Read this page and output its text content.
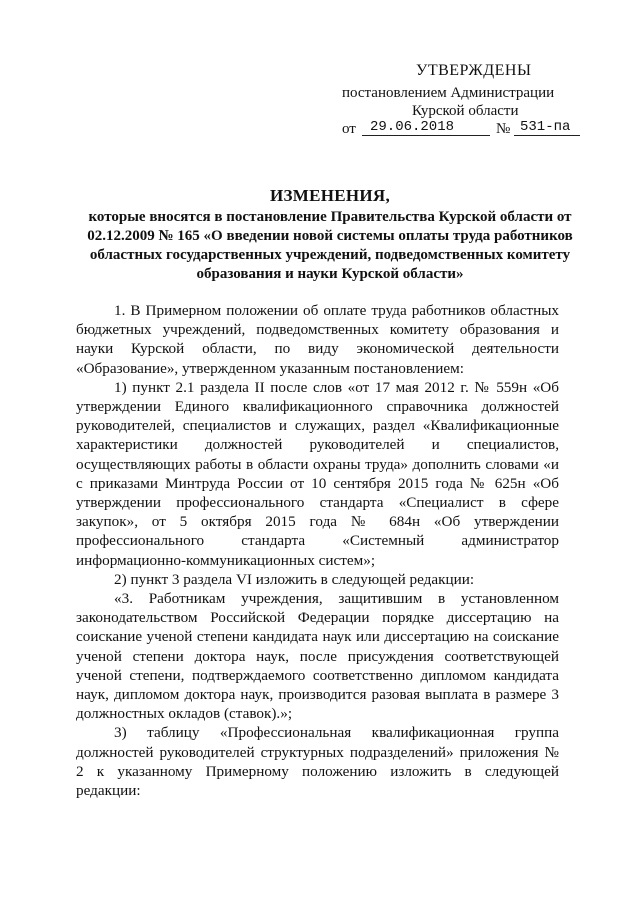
УТВЕРЖДЕНЫ
постановлением Администрации
Курской области
от 29.06.2018	№ 531-па
ИЗМЕНЕНИЯ,
которые вносятся в постановление Правительства Курской области от 02.12.2009 № 165 «О введении новой системы оплаты труда работников областных государственных учреждений, подведомственных комитету образования и науки Курской области»

1. В Примерном положении об оплате труда работников областных бюджетных учреждений, подведомственных комитету образования и науки Курской области, по виду экономической деятельности «Образование», утвержденном указанным постановлением:

1) пункт 2.1 раздела II после слов «от 17 мая 2012 г. № 559н «Об утверждении Единого квалификационного справочника должностей руководителей, специалистов и служащих, раздел «Квалификационные характеристики должностей руководителей и специалистов, осуществляющих работы в области охраны труда» дополнить словами «и с приказами Минтруда России от 10 сентября 2015 года № 625н «Об утверждении профессионального стандарта «Специалист в сфере закупок», от 5 октября 2015 года № 684н «Об утверждении профессионального стандарта «Системный администратор информационно-коммуникационных систем»;

2) пункт 3 раздела VI изложить в следующей редакции:

«3. Работникам учреждения, защитившим в установленном законодательством Российской Федерации порядке диссертацию на соискание ученой степени кандидата наук или диссертацию на соискание ученой степени доктора наук, после присуждения соответствующей ученой степени, подтверждаемого соответственно дипломом кандидата наук, дипломом доктора наук, производится разовая выплата в размере 3 должностных окладов (ставок).»;

3) таблицу «Профессиональная квалификационная группа должностей руководителей структурных подразделений» приложения № 2 к указанному Примерному положению изложить в следующей редакции:
